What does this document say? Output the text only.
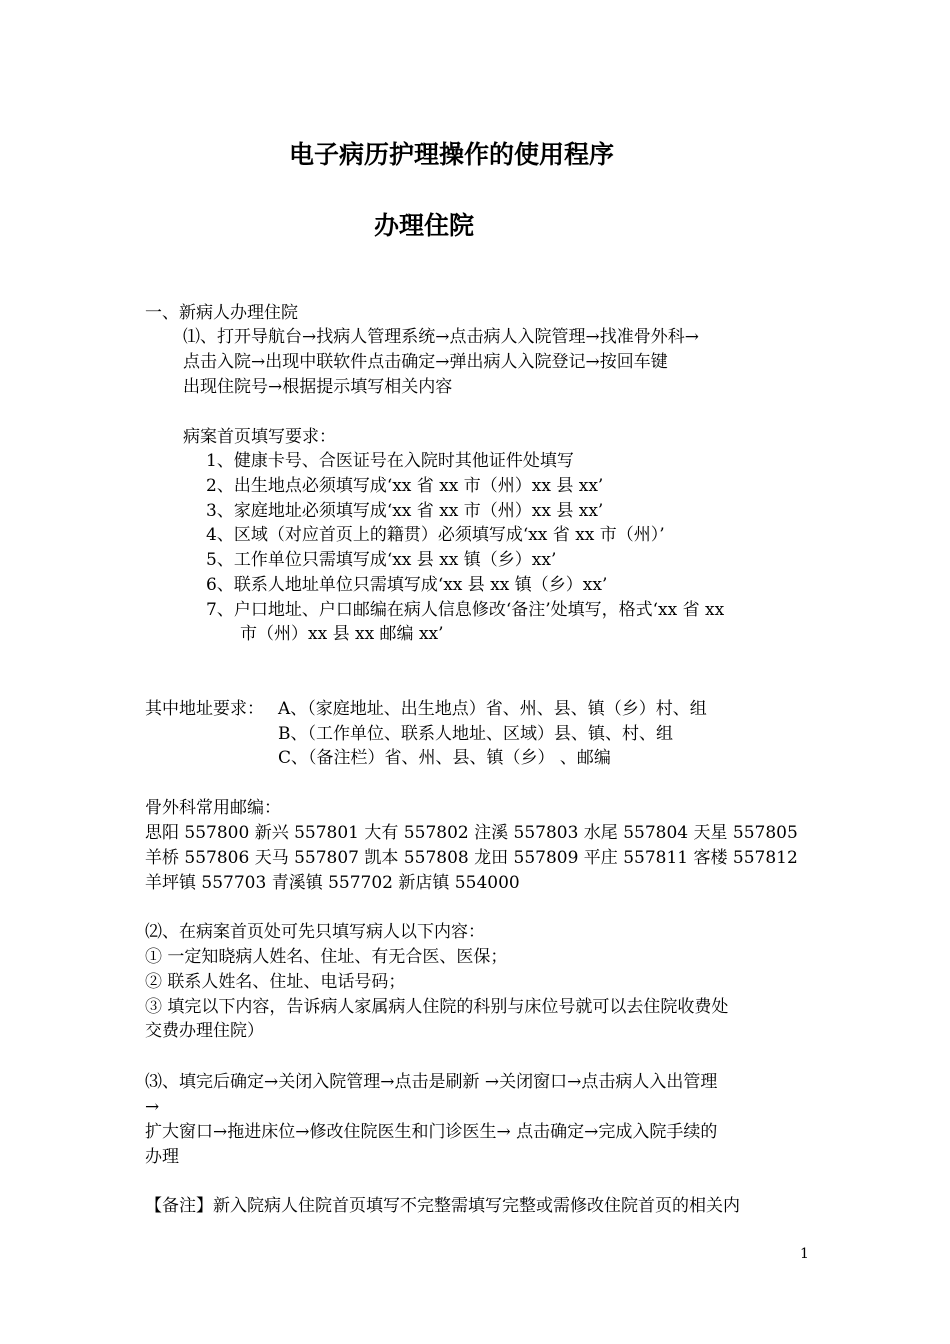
电子病历护理操作的使用程序
办理住院
一、新病人办理住院
⑴、打开导航台→找病人管理系统→点击病人入院管理→找准骨外科→
点击入院→出现中联软件点击确定→弹出病人入院登记→按回车键
出现住院号→根据提示填写相关内容
病案首页填写要求：
1、健康卡号、合医证号在入院时其他证件处填写
2、出生地点必须填写成‘xx 省 xx 市（州）xx 县 xx’
3、家庭地址必须填写成‘xx 省 xx 市（州）xx 县 xx’
4、区域（对应首页上的籍贯）必须填写成‘xx 省 xx 市（州）’
5、工作单位只需填写成‘xx 县 xx 镇（乡）xx’
6、联系人地址单位只需填写成‘xx 县 xx 镇（乡）xx’
7、户口地址、户口邮编在病人信息修改‘备注’处填写，格式‘xx 省 xx
市（州）xx 县 xx 邮编 xx’
其中地址要求： A、（家庭地址、出生地点）省、州、县、镇（乡）村、组
B、（工作单位、联系人地址、区域）县、镇、村、组
C、（备注栏）省、州、县、镇（乡） 、邮编
骨外科常用邮编：
思阳 557800 新兴 557801 大有 557802 注溪 557803 水尾 557804 天星 557805
羊桥 557806 天马 557807 凯本 557808 龙田 557809 平庄 557811 客楼 557812
羊坪镇 557703 青溪镇 557702 新店镇 554000
⑵、在病案首页处可先只填写病人以下内容：
① 一定知晓病人姓名、住址、有无合医、医保；
② 联系人姓名、住址、电话号码；
③ 填完以下内容，告诉病人家属病人住院的科别与床位号就可以去住院收费处
交费办理住院）
⑶、填完后确定→关闭入院管理→点击是刷新 →关闭窗口→点击病人入出管理
→
扩大窗口→拖进床位→修改住院医生和门诊医生→ 点击确定→完成入院手续的
办理
【备注】新入院病人住院首页填写不完整需填写完整或需修改住院首页的相关内
1
